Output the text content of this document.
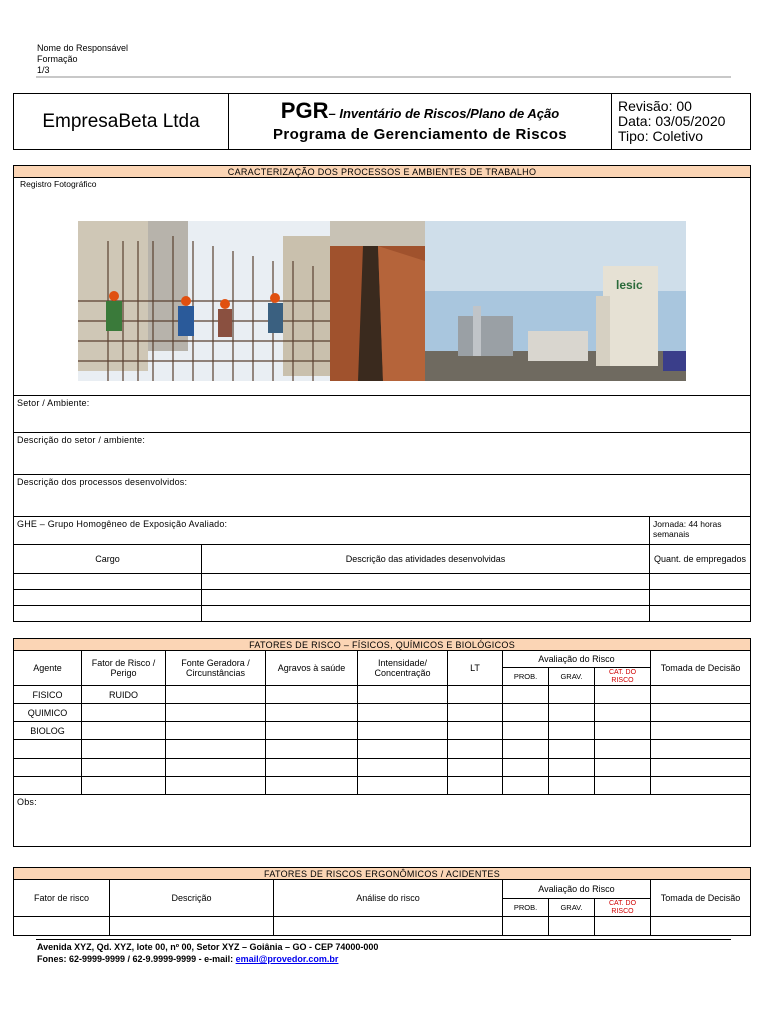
Nome do Responsável
Formação
1/3
EmpresaBeta Ltda	PGR– Inventário de Riscos/Plano de Ação
Programa de Gerenciamento de Riscos

Revisão: 00
Data: 03/05/2020
Tipo: Coletivo
CARACTERIZAÇÃO DOS PROCESSOS E AMBIENTES DE TRABALHO		

Registro Fotográfico
lesic		

Setor / Ambiente:		
Descrição do setor / ambiente:		
Descrição dos processos desenvolvidos:		
GHE – Grupo Homogêneo de Exposição Avaliado:		Jornada: 44 horas semanais
Cargo	Descrição das atividades desenvolvidas	Quant. de empregados

FATORES DE RISCO – FÍSICOS, QUÍMICOS E BIOLÓGICOS									
Agente	Fator de Risco / Perigo	Fonte Geradora / Circunstâncias	Agravos à saúde	Intensidade/ Concentração	LT	Avaliação do Risco			Tomada de Decisão
						PROB.	GRAV.	CAT. DO RISCO	
FISICO	RUIDO								
QUIMICO									
BIOLOG									

Obs:									
FATORES DE RISCOS ERGONÔMICOS / ACIDENTES						
Fator de risco	Descrição	Análise do risco	Avaliação do Risco			Tomada de Decisão
			PROB.	GRAV.	CAT. DO RISCO	

Avenida XYZ, Qd. XYZ, lote 00, nº 00, Setor XYZ – Goiânia – GO - CEP 74000-000
Fones: 62-9999-9999 / 62-9.9999-9999 - e-mail: email@provedor.com.br
